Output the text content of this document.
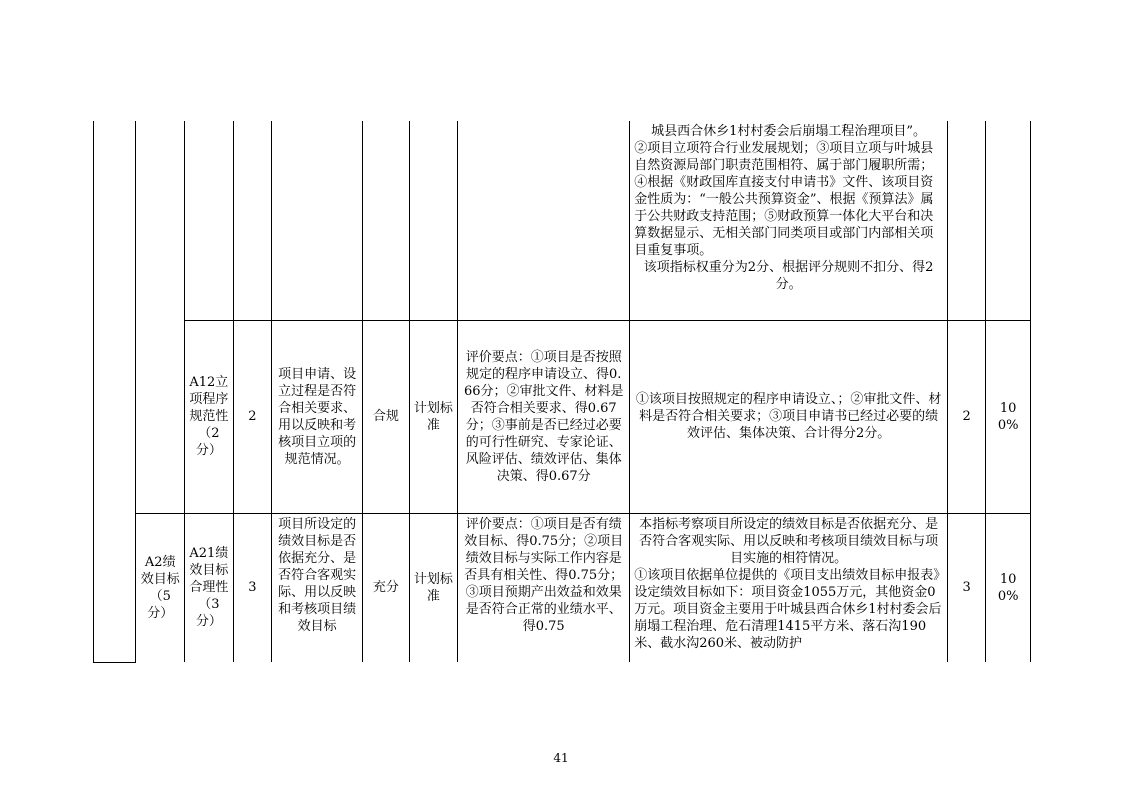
								城县西合休乡1村村委会后崩塌工程治理项目”。
②项目立项符合行业发展规划；③项目立项与叶城县自然资源局部门职责范围相符、属于部门履职所需；④根据《财政国库直接支付申请书》文件、该项目资金性质为：“一般公共预算资金”、根据《预算法》属于公共财政支持范围；⑤财政预算一体化大平台和决算数据显示、无相关部门同类项目或部门内部相关项目重复事项。
该项指标权重分为2分、根据评分规则不扣分、得2分。		

		A12立项程序规范性（2分）	2	项目申请、设立过程是否符合相关要求、用以反映和考核项目立项的规范情况。	合规	计划标准	评价要点：①项目是否按照规定的程序申请设立、得0.66分；②审批文件、材料是否符合相关要求、得0.67分；③事前是否已经过必要的可行性研究、专家论证、风险评估、绩效评估、集体决策、得0.67分	①该项目按照规定的程序申请设立、；②审批文件、材料是否符合相关要求；③项目申请书已经过必要的绩效评估、集体决策、合计得分2分。	2	100%
	A2绩效目标（5分）	A21绩效目标合理性（3分）	3	项目所设定的绩效目标是否依据充分、是否符合客观实际、用以反映和考核项目绩效目标	充分	计划标准	评价要点：①项目是否有绩效目标、得0.75分；②项目绩效目标与实际工作内容是否具有相关性、得0.75分；③项目预期产出效益和效果是否符合正常的业绩水平、得0.75	本指标考察项目所设定的绩效目标是否依据充分、是否符合客观实际、用以反映和考核项目绩效目标与项目实施的相符情况。
①该项目依据单位提供的《项目支出绩效目标申报表》设定绩效目标如下：项目资金1055万元，其他资金0万元。项目资金主要用于叶城县西合休乡1村村委会后崩塌工程治理、危石清理1415平方米、落石沟190米、截水沟260米、被动防护	3	100%
41
